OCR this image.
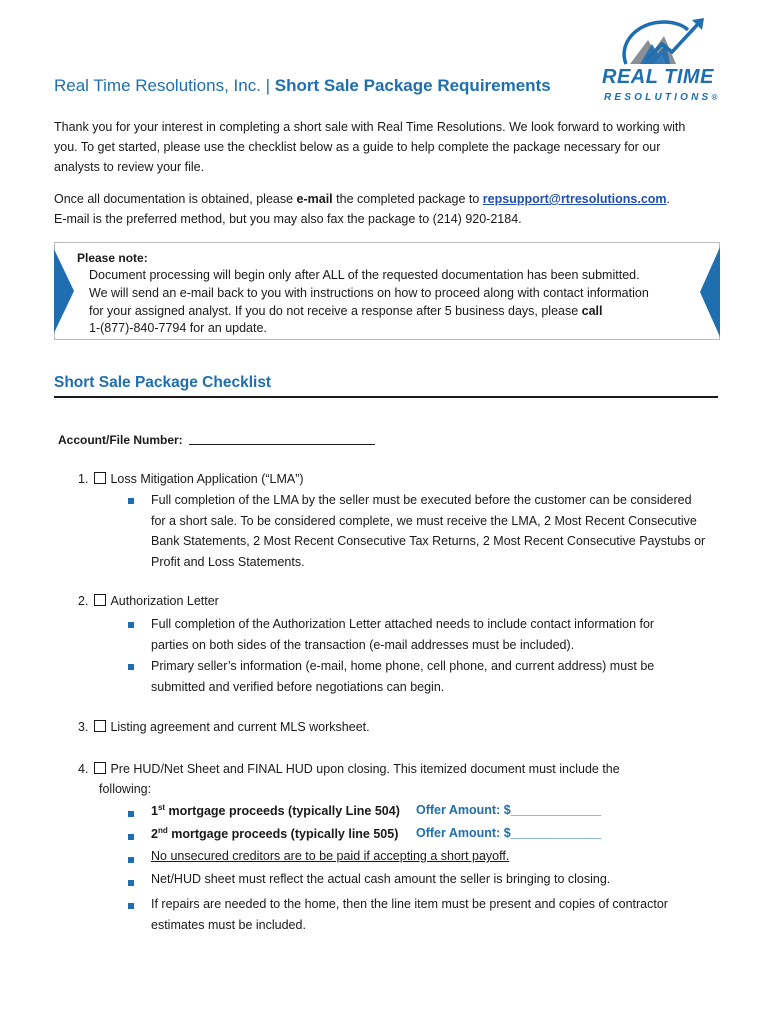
REAL TIME
RESOLUTIONS®
Real Time Resolutions, Inc. | Short Sale Package Requirements
Thank you for your interest in completing a short sale with Real Time Resolutions. We look forward to working with
you. To get started, please use the checklist below as a guide to help complete the package necessary for our
analysts to review your file.
Once all documentation is obtained, please e-mail the completed package to repsupport@rtresolutions.com.
E-mail is the preferred method, but you may also fax the package to (214) 920-2184.
Please note:
Document processing will begin only after ALL of the requested documentation has been submitted.
We will send an e-mail back to you with instructions on how to proceed along with contact information
for your assigned analyst. If you do not receive a response after 5 business days, please call
1-(877)-840-7794 for an update.
Short Sale Package Checklist
Account/File Number:
1. Loss Mitigation Application (“LMA”)
Full completion of the LMA by the seller must be executed before the customer can be considered
for a short sale. To be considered complete, we must receive the LMA, 2 Most Recent Consecutive
Bank Statements, 2 Most Recent Consecutive Tax Returns, 2 Most Recent Consecutive Paystubs or
Profit and Loss Statements.
2. Authorization Letter
Full completion of the Authorization Letter attached needs to include contact information for
parties on both sides of the transaction (e-mail addresses must be included).
Primary seller’s information (e-mail, home phone, cell phone, and current address) must be
submitted and verified before negotiations can begin.
3. Listing agreement and current MLS worksheet.
4. Pre HUD/Net Sheet and FINAL HUD upon closing. This itemized document must include the
following:
1st mortgage proceeds (typically Line 504) Offer Amount: $_____________
2nd mortgage proceeds (typically line 505) Offer Amount: $_____________
No unsecured creditors are to be paid if accepting a short payoff.
Net/HUD sheet must reflect the actual cash amount the seller is bringing to closing.
If repairs are needed to the home, then the line item must be present and copies of contractor
estimates must be included.
